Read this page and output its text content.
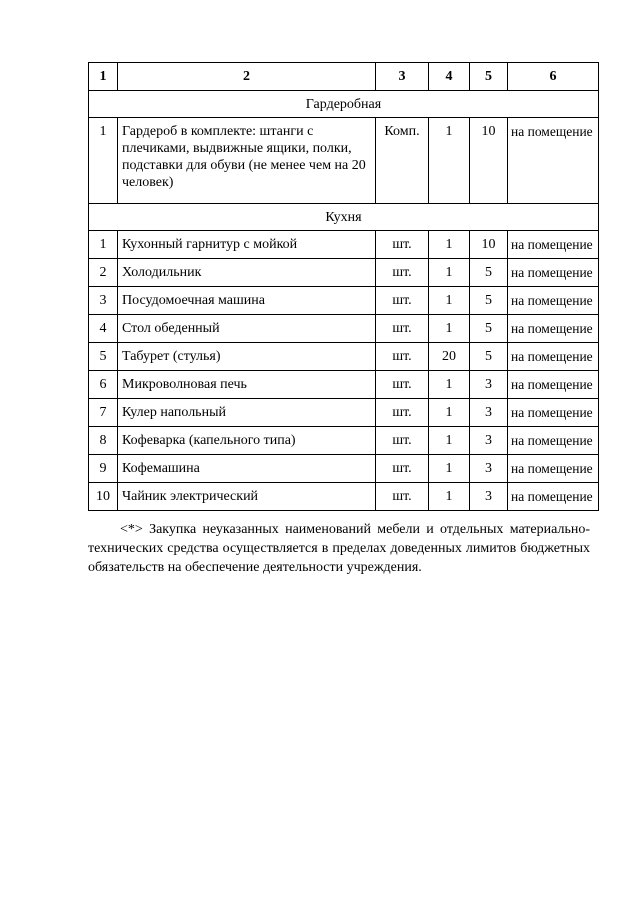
1	2	3	4	5	6
Гардеробная					
1	Гардероб в комплекте: штанги с плечиками, выдвижные ящики, полки, подставки для обуви (не менее чем на 20 человек)	Комп.	1	10	на помещение
Кухня					
1	Кухонный гарнитур с мойкой	шт.	1	10	на помещение
2	Холодильник	шт.	1	5	на помещение
3	Посудомоечная машина	шт.	1	5	на помещение
4	Стол обеденный	шт.	1	5	на помещение
5	Табурет (стулья)	шт.	20	5	на помещение
6	Микроволновая печь	шт.	1	3	на помещение
7	Кулер напольный	шт.	1	3	на помещение
8	Кофеварка (капельного типа)	шт.	1	3	на помещение
9	Кофемашина	шт.	1	3	на помещение
10	Чайник электрический	шт.	1	3	на помещение
<*> Закупка неуказанных наименований мебели и отдельных материально-технических средства осуществляется в пределах доведенных лимитов бюджетных обязательств на обеспечение деятельности учреждения.
